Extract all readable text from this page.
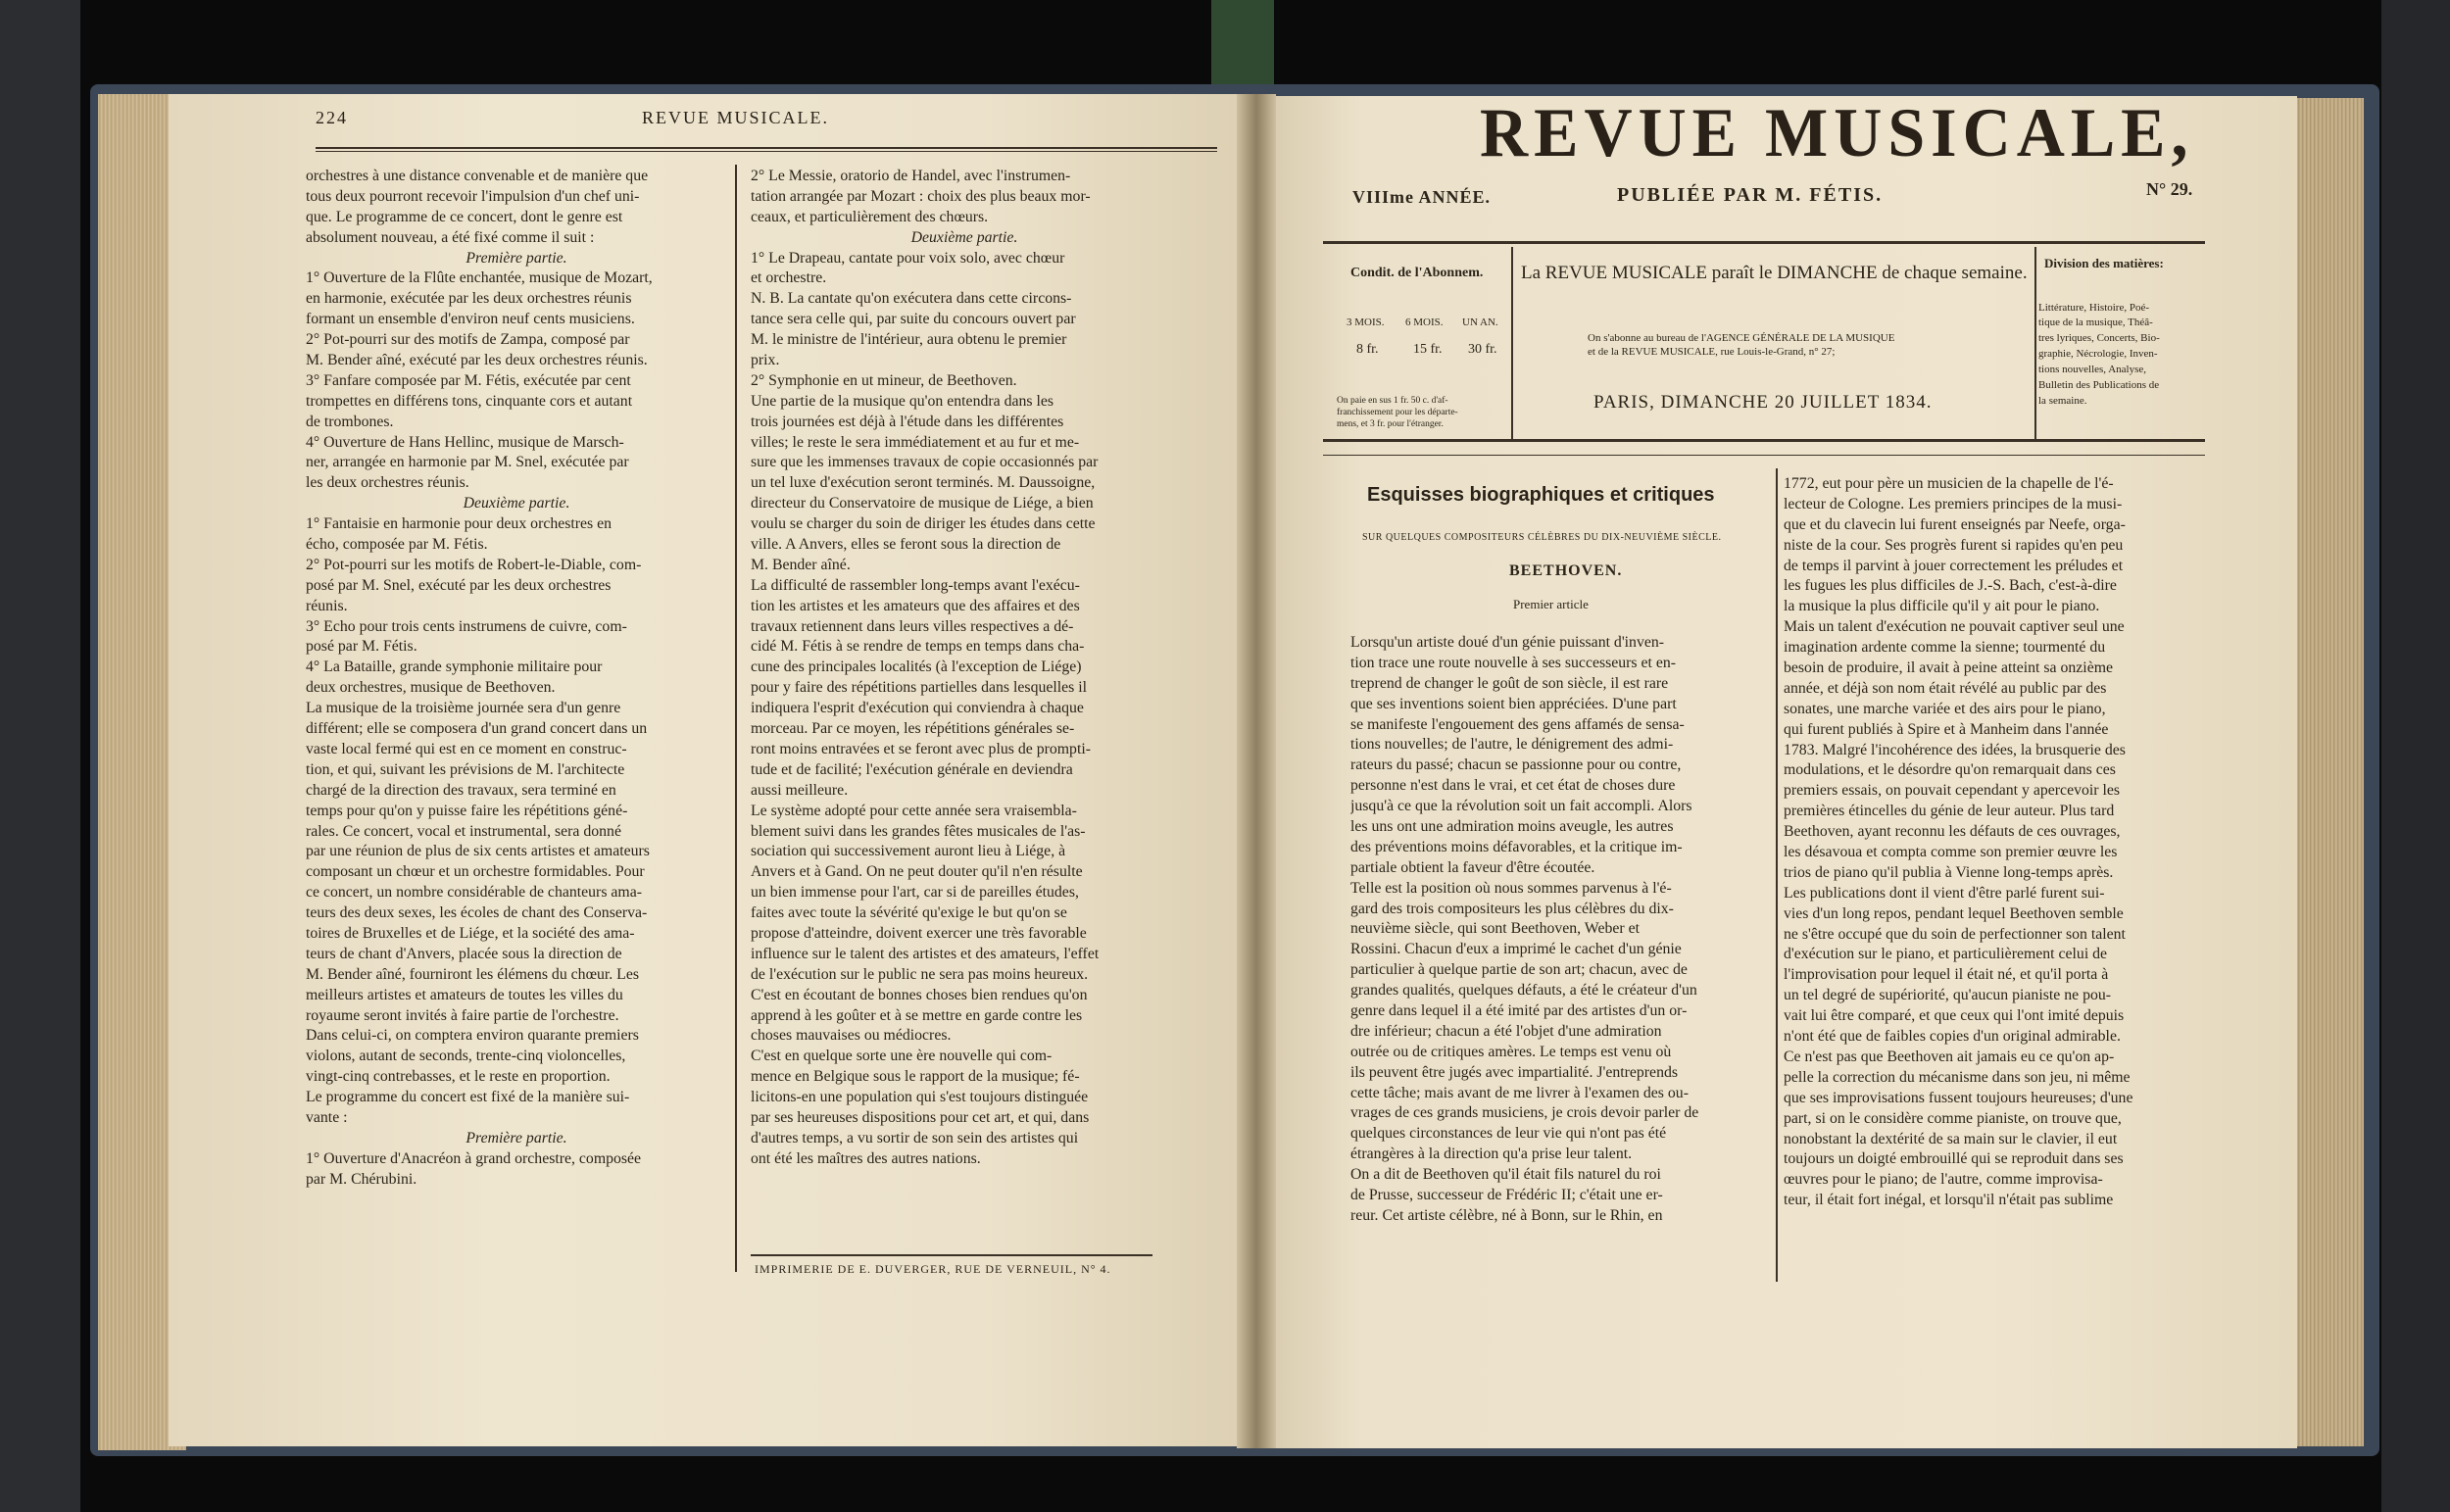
224	REVUE MUSICALE.
orchestres à une distance convenable et de manière que
tous deux pourront recevoir l'impulsion d'un chef uni-
que. Le programme de ce concert, dont le genre est
absolument nouveau, a été fixé comme il suit :
Première partie.
1° Ouverture de la Flûte enchantée, musique de Mozart,
en harmonie, exécutée par les deux orchestres réunis
formant un ensemble d'environ neuf cents musiciens.
2° Pot-pourri sur des motifs de Zampa, composé par
M. Bender aîné, exécuté par les deux orchestres réunis.
3° Fanfare composée par M. Fétis, exécutée par cent
trompettes en différens tons, cinquante cors et autant
de trombones.
4° Ouverture de Hans Hellinc, musique de Marsch-
ner, arrangée en harmonie par M. Snel, exécutée par
les deux orchestres réunis.
Deuxième partie.
1° Fantaisie en harmonie pour deux orchestres en
écho, composée par M. Fétis.
2° Pot-pourri sur les motifs de Robert-le-Diable, com-
posé par M. Snel, exécuté par les deux orchestres
réunis.
3° Echo pour trois cents instrumens de cuivre, com-
posé par M. Fétis.
4° La Bataille, grande symphonie militaire pour
deux orchestres, musique de Beethoven.
La musique de la troisième journée sera d'un genre
différent; elle se composera d'un grand concert dans un
vaste local fermé qui est en ce moment en construc-
tion, et qui, suivant les prévisions de M. l'architecte
chargé de la direction des travaux, sera terminé en
temps pour qu'on y puisse faire les répétitions géné-
rales. Ce concert, vocal et instrumental, sera donné
par une réunion de plus de six cents artistes et amateurs
composant un chœur et un orchestre formidables. Pour
ce concert, un nombre considérable de chanteurs ama-
teurs des deux sexes, les écoles de chant des Conserva-
toires de Bruxelles et de Liége, et la société des ama-
teurs de chant d'Anvers, placée sous la direction de
M. Bender aîné, fourniront les élémens du chœur. Les
meilleurs artistes et amateurs de toutes les villes du
royaume seront invités à faire partie de l'orchestre.
Dans celui-ci, on comptera environ quarante premiers
violons, autant de seconds, trente-cinq violoncelles,
vingt-cinq contrebasses, et le reste en proportion.
Le programme du concert est fixé de la manière sui-
vante :
Première partie.
1° Ouverture d'Anacréon à grand orchestre, composée
par M. Chérubini.
2° Le Messie, oratorio de Handel, avec l'instrumen-
tation arrangée par Mozart : choix des plus beaux mor-
ceaux, et particulièrement des chœurs.
Deuxième partie.
1° Le Drapeau, cantate pour voix solo, avec chœur
et orchestre.
N. B. La cantate qu'on exécutera dans cette circons-
tance sera celle qui, par suite du concours ouvert par
M. le ministre de l'intérieur, aura obtenu le premier
prix.
2° Symphonie en ut mineur, de Beethoven.
Une partie de la musique qu'on entendra dans les
trois journées est déjà à l'étude dans les différentes
villes; le reste le sera immédiatement et au fur et me-
sure que les immenses travaux de copie occasionnés par
un tel luxe d'exécution seront terminés. M. Daussoigne,
directeur du Conservatoire de musique de Liége, a bien
voulu se charger du soin de diriger les études dans cette
ville. A Anvers, elles se feront sous la direction de
M. Bender aîné.
La difficulté de rassembler long-temps avant l'exécu-
tion les artistes et les amateurs que des affaires et des
travaux retiennent dans leurs villes respectives a dé-
cidé M. Fétis à se rendre de temps en temps dans cha-
cune des principales localités (à l'exception de Liége)
pour y faire des répétitions partielles dans lesquelles il
indiquera l'esprit d'exécution qui conviendra à chaque
morceau. Par ce moyen, les répétitions générales se-
ront moins entravées et se feront avec plus de prompti-
tude et de facilité; l'exécution générale en deviendra
aussi meilleure.
Le système adopté pour cette année sera vraisembla-
blement suivi dans les grandes fêtes musicales de l'as-
sociation qui successivement auront lieu à Liége, à
Anvers et à Gand. On ne peut douter qu'il n'en résulte
un bien immense pour l'art, car si de pareilles études,
faites avec toute la sévérité qu'exige le but qu'on se
propose d'atteindre, doivent exercer une très favorable
influence sur le talent des artistes et des amateurs, l'effet
de l'exécution sur le public ne sera pas moins heureux.
C'est en écoutant de bonnes choses bien rendues qu'on
apprend à les goûter et à se mettre en garde contre les
choses mauvaises ou médiocres.
C'est en quelque sorte une ère nouvelle qui com-
mence en Belgique sous le rapport de la musique; fé-
licitons-en une population qui s'est toujours distinguée
par ses heureuses dispositions pour cet art, et qui, dans
d'autres temps, a vu sortir de son sein des artistes qui
ont été les maîtres des autres nations.
IMPRIMERIE DE E. DUVERGER, RUE DE VERNEUIL, N° 4.
REVUE MUSICALE,
VIIIme ANNÉE.	PUBLIÉE PAR M. FÉTIS.	N° 29.
Condit. de l'Abonnem.
3 MOIS. 6 MOIS. UN AN.
8 fr.	15 fr. 30 fr.
On paie en sus 1 fr. 50 c. d'af-
franchissement pour les départe-
mens, et 3 fr. pour l'étranger.
La REVUE MUSICALE paraît le DIMANCHE de chaque semaine.
On s'abonne au bureau de l'AGENCE GÉNÉRALE DE LA MUSIQUE
et de la REVUE MUSICALE, rue Louis-le-Grand, n° 27;
PARIS, DIMANCHE 20 JUILLET 1834.
Division des matières:
Littérature, Histoire, Poé-
tique de la musique, Théâ-
tres lyriques, Concerts, Bio-
graphie, Nécrologie, Inven-
tions nouvelles, Analyse,
Bulletin des Publications de
la semaine.
Esquisses biographiques et critiques
SUR QUELQUES COMPOSITEURS CÉLÈBRES DU DIX-NEUVIÈME SIÈCLE.
BEETHOVEN.
Premier article
Lorsqu'un artiste doué d'un génie puissant d'inven-
tion trace une route nouvelle à ses successeurs et en-
treprend de changer le goût de son siècle, il est rare
que ses inventions soient bien appréciées. D'une part
se manifeste l'engouement des gens affamés de sensa-
tions nouvelles; de l'autre, le dénigrement des admi-
rateurs du passé; chacun se passionne pour ou contre,
personne n'est dans le vrai, et cet état de choses dure
jusqu'à ce que la révolution soit un fait accompli. Alors
les uns ont une admiration moins aveugle, les autres
des préventions moins défavorables, et la critique im-
partiale obtient la faveur d'être écoutée.
Telle est la position où nous sommes parvenus à l'é-
gard des trois compositeurs les plus célèbres du dix-
neuvième siècle, qui sont Beethoven, Weber et
Rossini. Chacun d'eux a imprimé le cachet d'un génie
particulier à quelque partie de son art; chacun, avec de
grandes qualités, quelques défauts, a été le créateur d'un
genre dans lequel il a été imité par des artistes d'un or-
dre inférieur; chacun a été l'objet d'une admiration
outrée ou de critiques amères. Le temps est venu où
ils peuvent être jugés avec impartialité. J'entreprends
cette tâche; mais avant de me livrer à l'examen des ou-
vrages de ces grands musiciens, je crois devoir parler de
quelques circonstances de leur vie qui n'ont pas été
étrangères à la direction qu'a prise leur talent.
On a dit de Beethoven qu'il était fils naturel du roi
de Prusse, successeur de Frédéric II; c'était une er-
reur. Cet artiste célèbre, né à Bonn, sur le Rhin, en
1772, eut pour père un musicien de la chapelle de l'é-
lecteur de Cologne. Les premiers principes de la musi-
que et du clavecin lui furent enseignés par Neefe, orga-
niste de la cour. Ses progrès furent si rapides qu'en peu
de temps il parvint à jouer correctement les préludes et
les fugues les plus difficiles de J.-S. Bach, c'est-à-dire
la musique la plus difficile qu'il y ait pour le piano.
Mais un talent d'exécution ne pouvait captiver seul une
imagination ardente comme la sienne; tourmenté du
besoin de produire, il avait à peine atteint sa onzième
année, et déjà son nom était révélé au public par des
sonates, une marche variée et des airs pour le piano,
qui furent publiés à Spire et à Manheim dans l'année
1783. Malgré l'incohérence des idées, la brusquerie des
modulations, et le désordre qu'on remarquait dans ces
premiers essais, on pouvait cependant y apercevoir les
premières étincelles du génie de leur auteur. Plus tard
Beethoven, ayant reconnu les défauts de ces ouvrages,
les désavoua et compta comme son premier œuvre les
trios de piano qu'il publia à Vienne long-temps après.
Les publications dont il vient d'être parlé furent sui-
vies d'un long repos, pendant lequel Beethoven semble
ne s'être occupé que du soin de perfectionner son talent
d'exécution sur le piano, et particulièrement celui de
l'improvisation pour lequel il était né, et qu'il porta à
un tel degré de supériorité, qu'aucun pianiste ne pou-
vait lui être comparé, et que ceux qui l'ont imité depuis
n'ont été que de faibles copies d'un original admirable.
Ce n'est pas que Beethoven ait jamais eu ce qu'on ap-
pelle la correction du mécanisme dans son jeu, ni même
que ses improvisations fussent toujours heureuses; d'une
part, si on le considère comme pianiste, on trouve que,
nonobstant la dextérité de sa main sur le clavier, il eut
toujours un doigté embrouillé qui se reproduit dans ses
œuvres pour le piano; de l'autre, comme improvisa-
teur, il était fort inégal, et lorsqu'il n'était pas sublime
